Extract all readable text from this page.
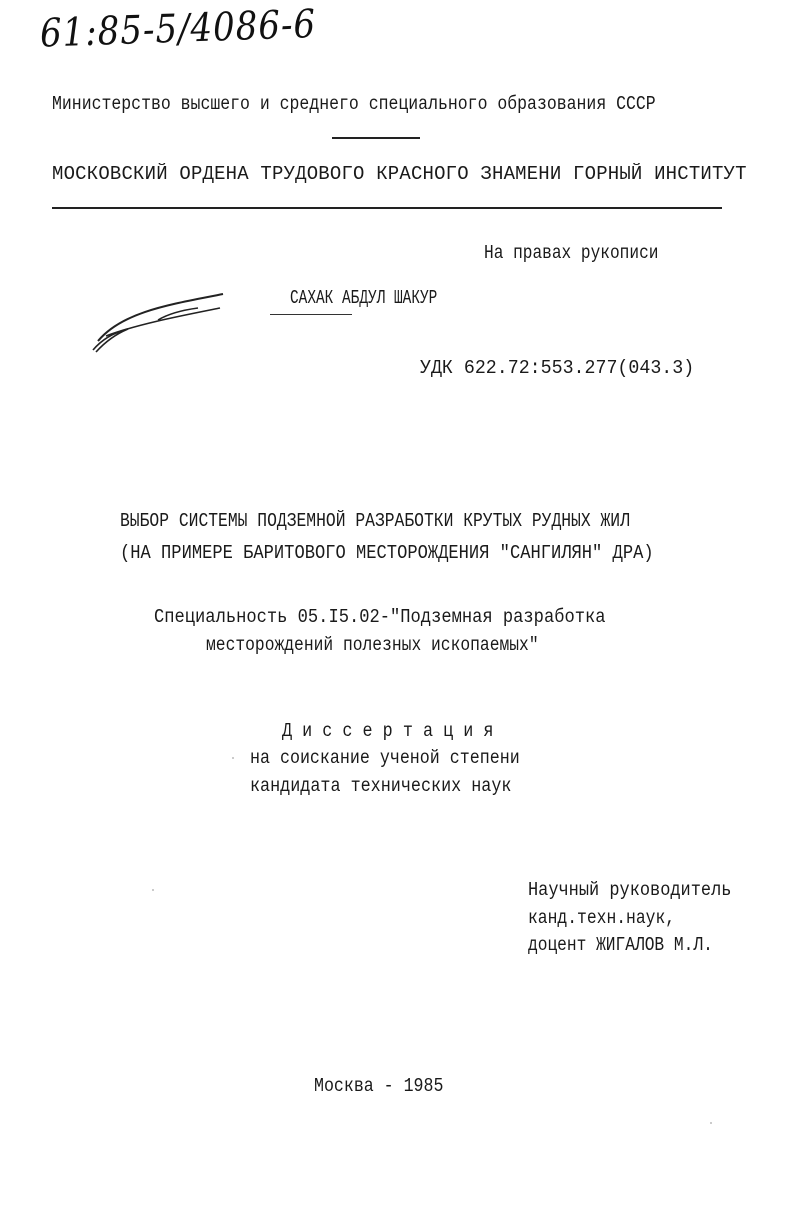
61:85-5/4086-6
Министерство высшего и среднего специального образования СССР
МОСКОВСКИЙ ОРДЕНА ТРУДОВОГО КРАСНОГО ЗНАМЕНИ ГОРНЫЙ ИНСТИТУТ
На правах рукописи
САХАК АБДУЛ ШАКУР
УДК 622.72:553.277(043.3)
ВЫБОР СИСТЕМЫ ПОДЗЕМНОЙ РАЗРАБОТКИ КРУТЫХ РУДНЫХ ЖИЛ
(НА ПРИМЕРЕ БАРИТОВОГО МЕСТОРОЖДЕНИЯ "САНГИЛЯН" ДРА)
Специальность 05.I5.02-"Подземная разработка
месторождений полезных ископаемых"
Д и с с е р т а ц и я
на соискание ученой степени
кандидата технических наук
Научный руководитель
канд.техн.наук,
доцент ЖИГАЛОВ М.Л.
Москва - 1985
